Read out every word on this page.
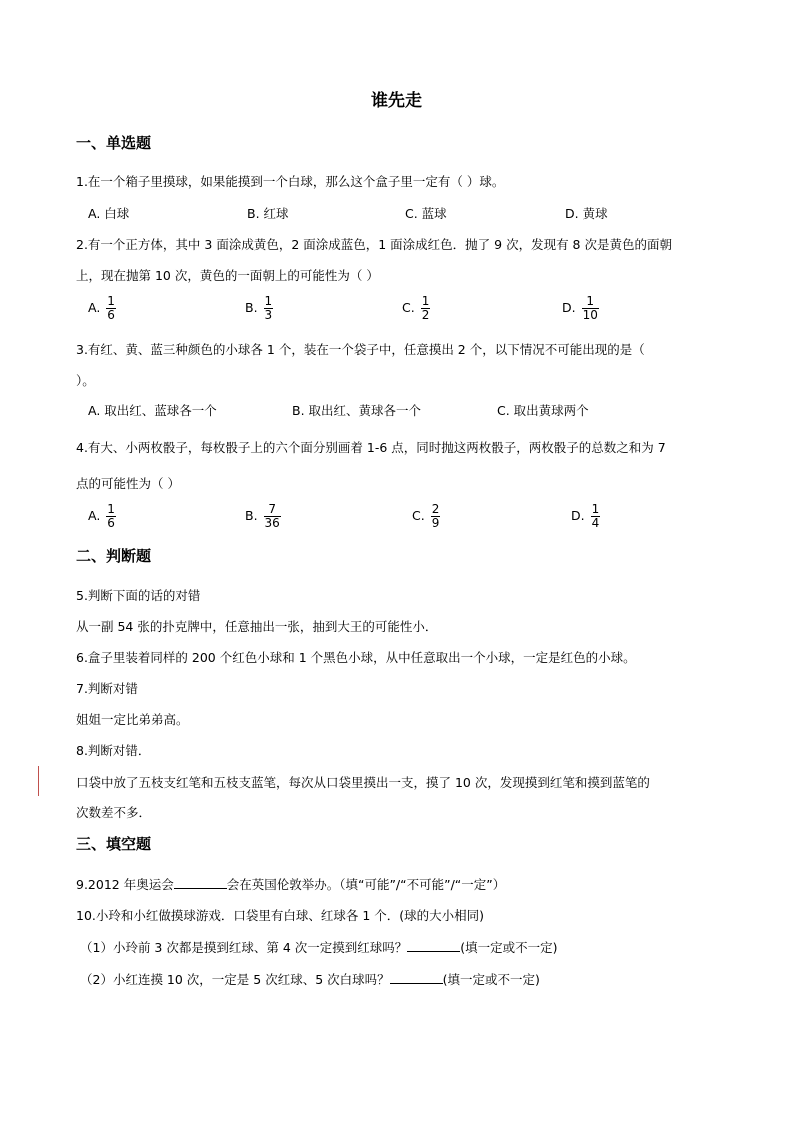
谁先走
一、单选题
1.在一个箱子里摸球，如果能摸到一个白球，那么这个盒子里一定有（ ）球。
A. 白球	B. 红球	C. 蓝球	D. 黄球
2.有一个正方体，其中 3 面涂成黄色，2 面涂成蓝色，1 面涂成红色．抛了 9 次，发现有 8 次是黄色的面朝
上，现在抛第 10 次，黄色的一面朝上的可能性为（ ）
A. $\frac{1}{6}$	B. $\frac{1}{3}$	C. $\frac{1}{2}$	D. $\frac{1}{10}$
3.有红、黄、蓝三种颜色的小球各 1 个，装在一个袋子中，任意摸出 2 个，以下情况不可能出现的是（
）。
A. 取出红、蓝球各一个	B. 取出红、黄球各一个	C. 取出黄球两个
4.有大、小两枚骰子，每枚骰子上的六个面分别画着 1-6 点，同时抛这两枚骰子，两枚骰子的总数之和为 7
点的可能性为（ ）
A. $\frac{1}{6}$	B. $\frac{7}{36}$	C. $\frac{2}{9}$	D. $\frac{1}{4}$
二、判断题
5.判断下面的话的对错
从一副 54 张的扑克牌中，任意抽出一张，抽到大王的可能性小．
6.盒子里装着同样的 200 个红色小球和 1 个黑色小球，从中任意取出一个小球，一定是红色的小球。
7.判断对错
姐姐一定比弟弟高。
8.判断对错．
口袋中放了五枝支红笔和五枝支蓝笔，每次从口袋里摸出一支，摸了 10 次，发现摸到红笔和摸到蓝笔的
次数差不多．
三、填空题
9.2012 年奥运会	会在英国伦敦举办。（填“可能”/“不可能”/“一定”）
10.小玲和小红做摸球游戏．口袋里有白球、红球各 1 个．(球的大小相同)
（1）小玲前 3 次都是摸到红球、第 4 次一定摸到红球吗？	(填一定或不一定)
（2）小红连摸 10 次，一定是 5 次红球、5 次白球吗？	(填一定或不一定)
